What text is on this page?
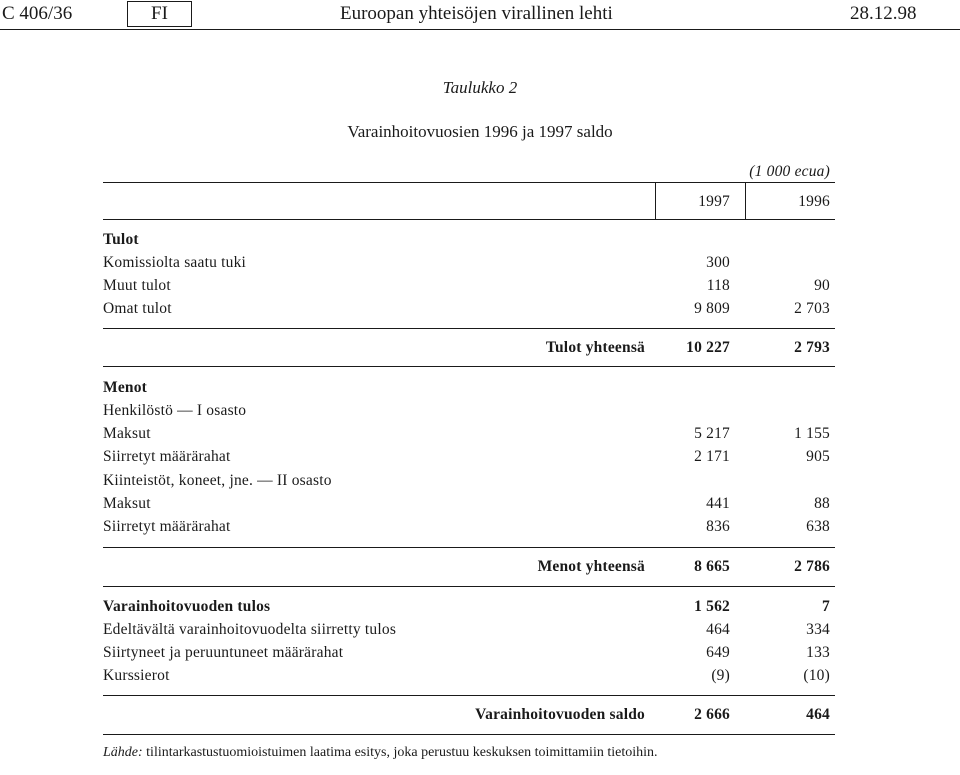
C 406/36	FI	Euroopan yhteisöjen virallinen lehti	28.12.98
Taulukko 2
Varainhoitovuosien 1996 ja 1997 saldo
(1 000 ecua)
1997	1996
Tulot
Komissiolta saatu tuki	300
Muut tulot	118	90
Omat tulot	9 809	2 703
Tulot yhteensä	10 227	2 793
Menot
Henkilöstö — I osasto
Maksut	5 217	1 155
Siirretyt määrärahat	2 171	905
Kiinteistöt, koneet, jne. — II osasto
Maksut	441	88
Siirretyt määrärahat	836	638
Menot yhteensä	8 665	2 786
Varainhoitovuoden tulos	1 562	7
Edeltävältä varainhoitovuodelta siirretty tulos	464	334
Siirtyneet ja peruuntuneet määrärahat	649	133
Kurssierot	(9)	(10)
Varainhoitovuoden saldo	2 666	464
Lähde: tilintarkastustuomioistuimen laatima esitys, joka perustuu keskuksen toimittamiin tietoihin.
